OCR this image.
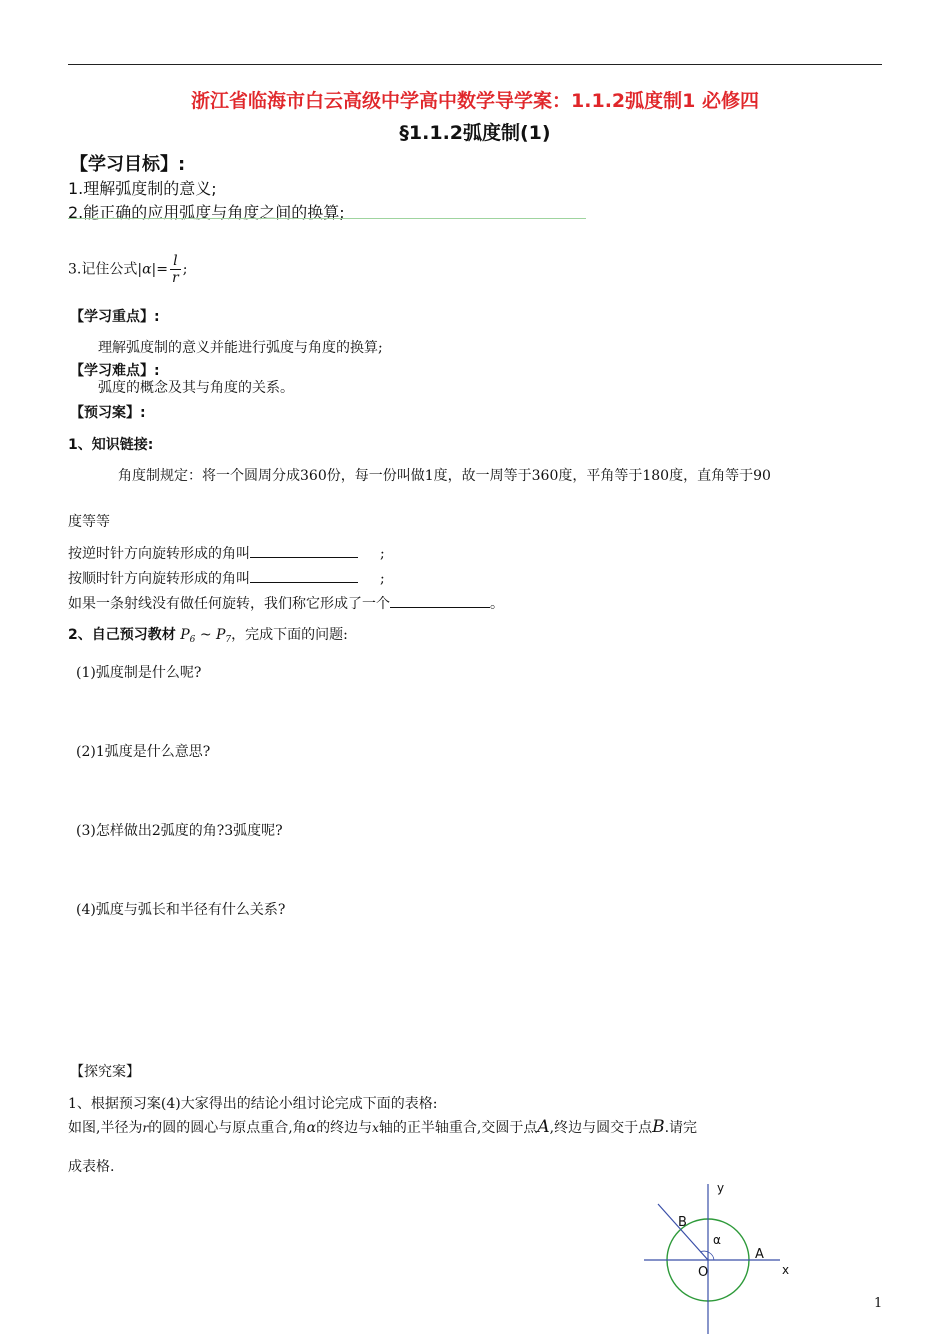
浙江省临海市白云高级中学高中数学导学案：1.1.2弧度制1 必修四
§1.1.2弧度制(1)
【学习目标】:
1.理解弧度制的意义;
2.能正确的应用弧度与角度之间的换算;
3.记住公式$|\alpha|= \frac{l}{r}$ ;
【学习重点】:
理解弧度制的意义并能进行弧度与角度的换算;
【学习难点】:
弧度的概念及其与角度的关系。
【预习案】:
1、知识链接:
角度制规定：将一个圆周分成360份，每一份叫做1度，故一周等于360度，平角等于180度，直角等于90
度等等
按逆时针方向旋转形成的角叫	;
按顺时针方向旋转形成的角叫	;
如果一条射线没有做任何旋转，我们称它形成了一个	。
2、自己预习教材 $P_6$ ~ $P_7$，完成下面的问题:
(1)弧度制是什么呢?
(2)1弧度是什么意思?
(3)怎样做出2弧度的角?3弧度呢?
(4)弧度与弧长和半径有什么关系?
【探究案】
1、根据预习案(4)大家得出的结论小组讨论完成下面的表格:
如图,半径为r的圆的圆心与原点重合,角α的终边与x轴的正半轴重合,交圆于点A,终边与圆交于点B.请完
成表格.
y
x
B
A
O
α
1
